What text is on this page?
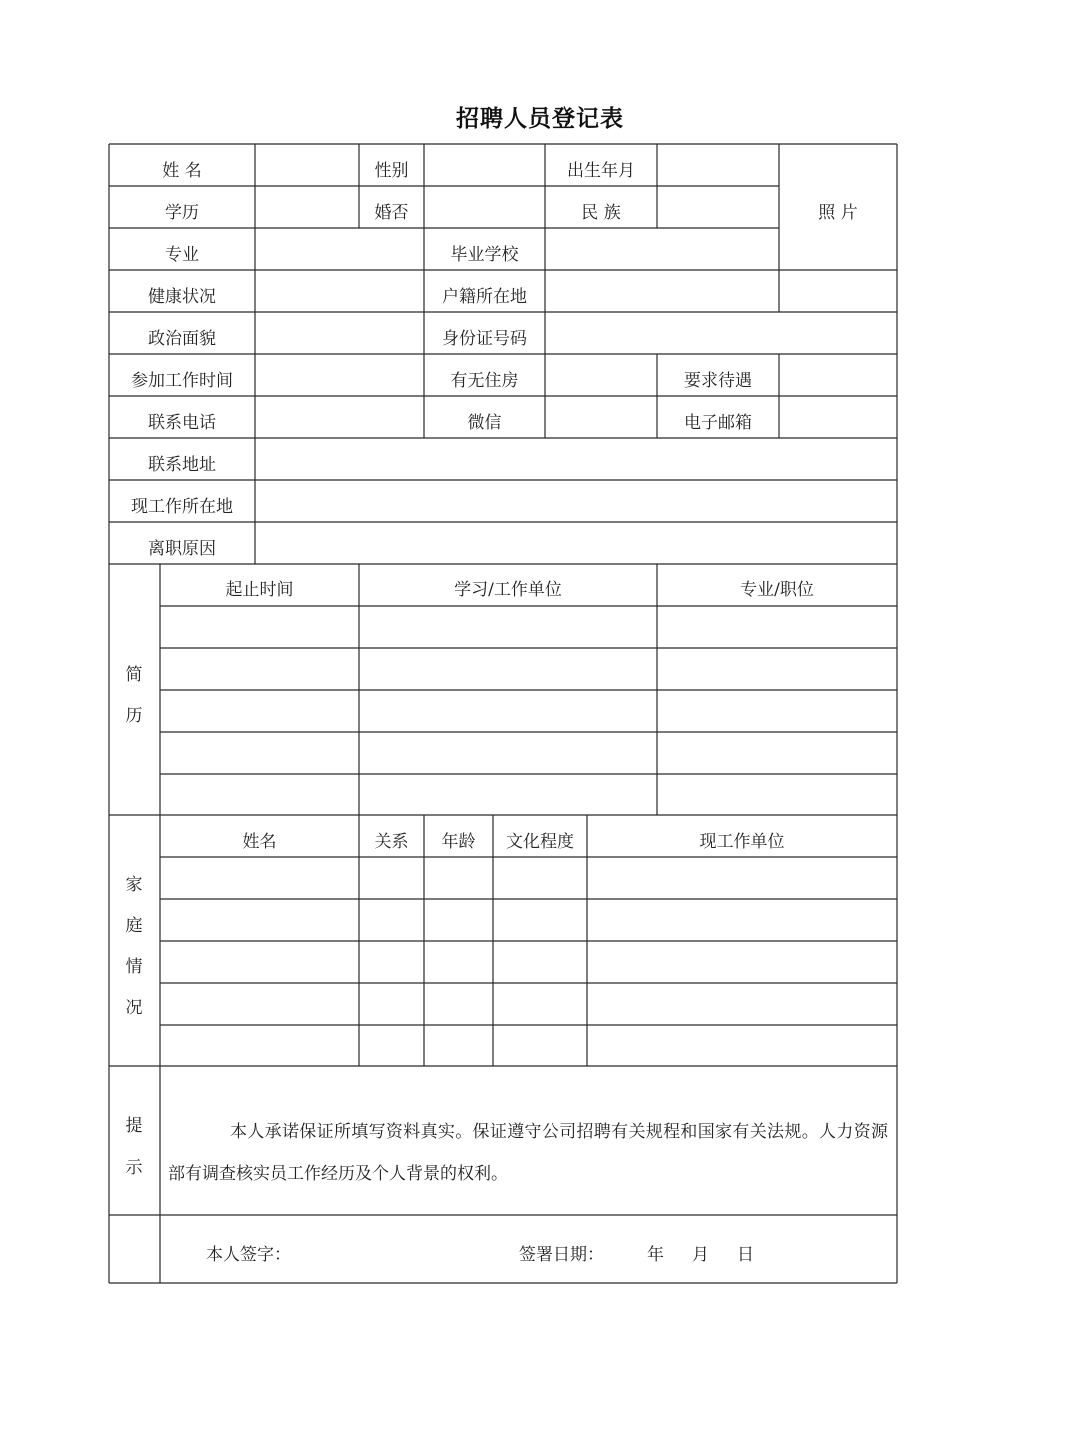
招聘人员登记表
姓 名	性别	出生年月
照 片
学历	婚否	民 族
专业	毕业学校
健康状况	户籍所在地
政治面貌	身份证号码
参加工作时间	有无住房	要求待遇
联系电话	微信	电子邮箱
联系地址
现工作所在地
离职原因
简
历
起止时间	学习/工作单位	专业/职位
家
庭
情
况
姓名	关系	年龄	文化程度	现工作单位
提
示
本人承诺保证所填写资料真实。保证遵守公司招聘有关规程和国家有关法规。人力资源部有调查核实员工作经历及个人背景的权利。
本人签字：	签署日期：	年 月 日
